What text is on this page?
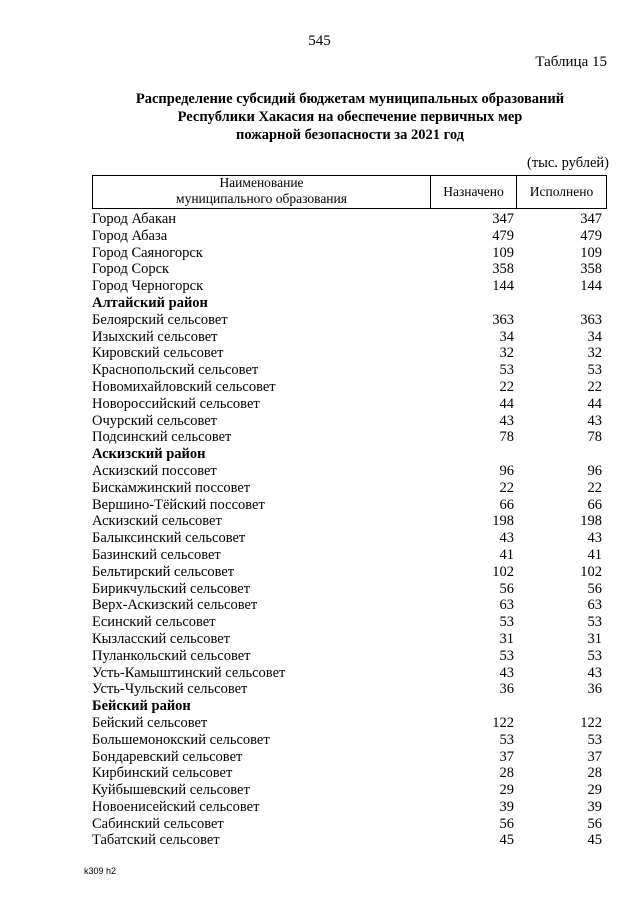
545
Таблица 15
Распределение субсидий бюджетам муниципальных образований
Республики Хакасия на обеспечение первичных мер
пожарной безопасности за 2021 год
(тыс. рублей)
Наименование
муниципального образования	Назначено	Исполнено
Город Абакан	347	347
Город Абаза	479	479
Город Саяногорск	109	109
Город Сорск	358	358
Город Черногорск	144	144
Алтайский район
Белоярский сельсовет	363	363
Изыхский сельсовет	34	34
Кировский сельсовет	32	32
Краснопольский сельсовет	53	53
Новомихайловский сельсовет	22	22
Новороссийский сельсовет	44	44
Очурский сельсовет	43	43
Подсинский сельсовет	78	78
Аскизский район
Аскизский поссовет	96	96
Бискамжинский поссовет	22	22
Вершино-Тёйский поссовет	66	66
Аскизский сельсовет	198	198
Балыксинский сельсовет	43	43
Базинский сельсовет	41	41
Бельтирский сельсовет	102	102
Бирикчульский сельсовет	56	56
Верх-Аскизский сельсовет	63	63
Есинский сельсовет	53	53
Кызласский сельсовет	31	31
Пуланкольский сельсовет	53	53
Усть-Камыштинский сельсовет	43	43
Усть-Чульский сельсовет	36	36
Бейский район
Бейский сельсовет	122	122
Большемонокский сельсовет	53	53
Бондаревский сельсовет	37	37
Кирбинский сельсовет	28	28
Куйбышевский сельсовет	29	29
Новоенисейский сельсовет	39	39
Сабинский сельсовет	56	56
Табатский сельсовет	45	45
k309 h2
